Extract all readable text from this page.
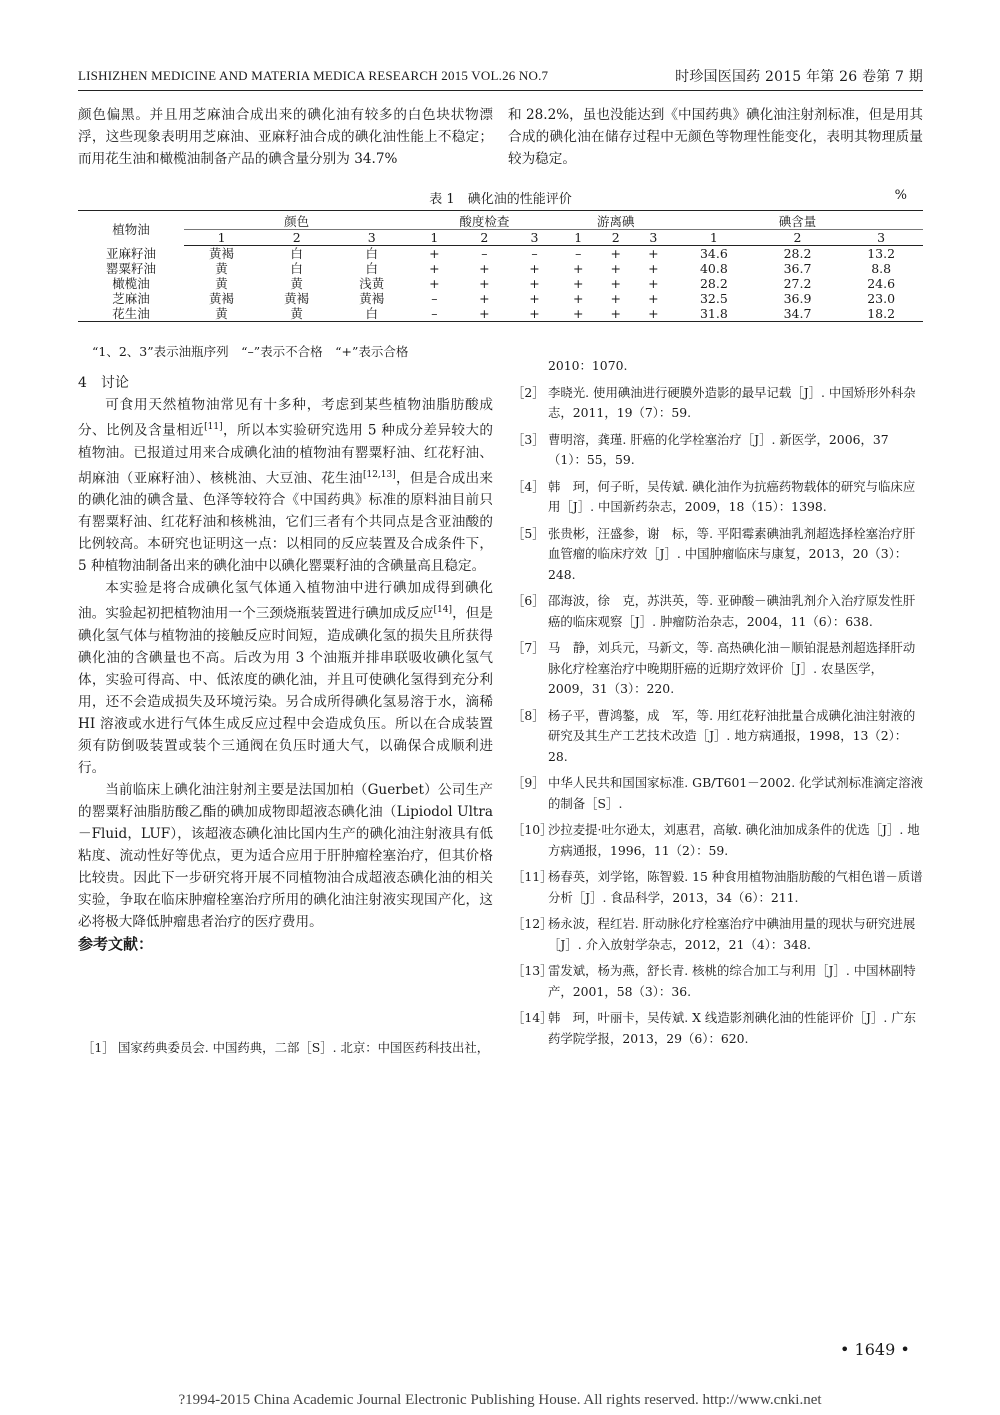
LISHIZHEN MEDICINE AND MATERIA MEDICA RESEARCH 2015 VOL.26 NO.7	时珍国医国药 2015 年第 26 卷第 7 期

颜色偏黑。并且用芝麻油合成出来的碘化油有较多的白色块状物漂浮，这些现象表明用芝麻油、亚麻籽油合成的碘化油性能上不稳定；而用花生油和橄榄油制备产品的碘含量分别为 34.7%

和 28.2%，虽也没能达到《中国药典》碘化油注射剂标准，但是用其合成的碘化油在储存过程中无颜色等物理性能变化，表明其物理质量较为稳定。

表 1　碘化油的性能评价	%
植物油	颜色			酸度检查			游离碘			碘含量		
	1	2	3	1	2	3	1	2	3	1	2	3
亚麻籽油	黄褐	白	白	+	–	–	–	+	+	34.6	28.2	13.2
罂粟籽油	黄	白	白	+	+	+	+	+	+	40.8	36.7	8.8
橄榄油	黄	黄	浅黄	+	+	+	+	+	+	28.2	27.2	24.6
芝麻油	黄褐	黄褐	黄褐	–	+	+	+	+	+	32.5	36.9	23.0
花生油	黄	黄	白	–	+	+	+	+	+	31.8	34.7	18.2
“1、2、3”表示油瓶序列　“–”表示不合格　“+”表示合格
4　讨论

可食用天然植物油常见有十多种，考虑到某些植物油脂肪酸成分、比例及含量相近[11]，所以本实验研究选用 5 种成分差异较大的植物油。已报道过用来合成碘化油的植物油有罂粟籽油、红花籽油、胡麻油（亚麻籽油）、核桃油、大豆油、花生油[12,13]，但是合成出来的碘化油的碘含量、色泽等较符合《中国药典》标准的原料油目前只有罂粟籽油、红花籽油和核桃油，它们三者有个共同点是含亚油酸的比例较高。本研究也证明这一点：以相同的反应装置及合成条件下，5 种植物油制备出来的碘化油中以碘化罂粟籽油的含碘量高且稳定。

本实验是将合成碘化氢气体通入植物油中进行碘加成得到碘化油。实验起初把植物油用一个三颈烧瓶装置进行碘加成反应[14]，但是碘化氢气体与植物油的接触反应时间短，造成碘化氢的损失且所获得碘化油的含碘量也不高。后改为用 3 个油瓶并排串联吸收碘化氢气体，实验可得高、中、低浓度的碘化油，并且可使碘化氢得到充分利用，还不会造成损失及环境污染。另合成所得碘化氢易溶于水，滴稀 HI 溶液或水进行气体生成反应过程中会造成负压。所以在合成装置须有防倒吸装置或装个三通阀在负压时通大气，以确保合成顺利进行。

当前临床上碘化油注射剂主要是法国加柏（Guerbet）公司生产的罂粟籽油脂肪酸乙酯的碘加成物即超液态碘化油（Lipiodol Ultra－Fluid，LUF），该超液态碘化油比国内生产的碘化油注射液具有低粘度、流动性好等优点，更为适合应用于肝肿瘤栓塞治疗，但其价格比较贵。因此下一步研究将开展不同植物油合成超液态碘化油的相关实验，争取在临床肿瘤栓塞治疗所用的碘化油注射液实现国产化，这必将极大降低肿瘤患者治疗的医疗费用。

参考文献：
［1］ 国家药典委员会. 中国药典，二部［S］. 北京：中国医药科技出社，
2010：1070.
［2］ 李晓光. 使用碘油进行硬膜外造影的最早记载［J］. 中国矫形外科杂志，2011，19（7）：59.
［3］ 曹明溶，龚瑾. 肝癌的化学栓塞治疗［J］. 新医学，2006，37（1）：55，59.
［4］ 韩　珂，何子昕，吴传斌. 碘化油作为抗癌药物载体的研究与临床应用［J］. 中国新药杂志，2009，18（15）：1398.
［5］ 张贵彬，汪盛参，谢　标，等. 平阳霉素碘油乳剂超选择栓塞治疗肝血管瘤的临床疗效［J］. 中国肿瘤临床与康复，2013，20（3）：248.
［6］ 邵海波，徐　克，苏洪英，等. 亚砷酸－碘油乳剂介入治疗原发性肝癌的临床观察［J］. 肿瘤防治杂志，2004，11（6）：638.
［7］ 马　静，刘兵元，马新文，等. 高热碘化油－顺铂混悬剂超选择肝动脉化疗栓塞治疗中晚期肝癌的近期疗效评价［J］. 农垦医学，2009，31（3）：220.
［8］ 杨子平，曹鸿鏊，成　军，等. 用红花籽油批量合成碘化油注射液的研究及其生产工艺技术改造［J］. 地方病通报，1998，13（2）：28.
［9］ 中华人民共和国国家标准. GB/T601－2002. 化学试剂标准滴定溶液的制备［S］.
［10］
沙拉麦提·吐尔逊太，刘惠君，高敏. 碘化油加成条件的优选［J］. 地方病通报，1996，11（2）：59.
［11］
杨春英，刘学铭，陈智毅. 15 种食用植物油脂肪酸的气相色谱－质谱分析［J］. 食品科学，2013，34（6）：211.
［12］
杨永波，程红岩. 肝动脉化疗栓塞治疗中碘油用量的现状与研究进展［J］. 介入放射学杂志，2012，21（4）：348.
［13］
雷发斌，杨为燕，舒长青. 核桃的综合加工与利用［J］. 中国林副特产，2001，58（3）：36.
［14］
韩　珂，叶丽卡，吴传斌. X 线造影剂碘化油的性能评价［J］. 广东药学院学报，2013，29（6）：620.
• 1649 •
?1994-2015 China Academic Journal Electronic Publishing House. All rights reserved. http://www.cnki.net
